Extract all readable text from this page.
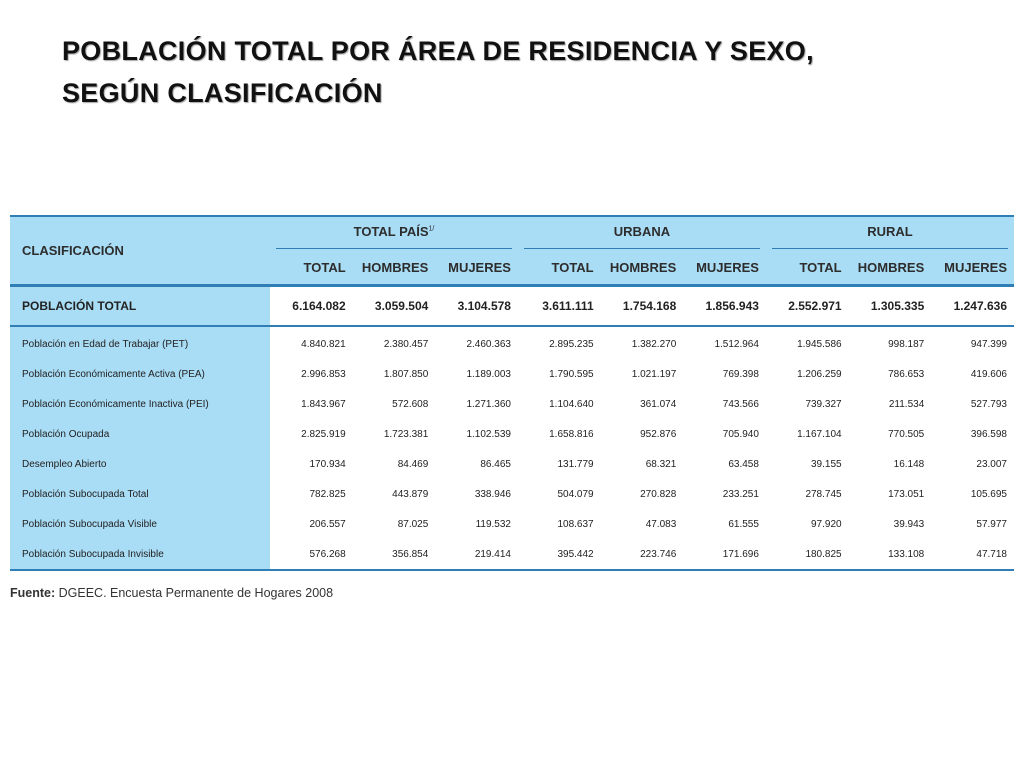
POBLACIÓN TOTAL POR ÁREA DE RESIDENCIA Y SEXO,
SEGÚN CLASIFICACIÓN
CLASIFICACIÓN	TOTAL $PAÍS^{1/}$			URBANA			RURAL		

	TOTAL	HOMBRES	MUJERES	TOTAL	HOMBRES	MUJERES	TOTAL	HOMBRES	MUJERES
POBLACIÓN TOTAL	6.164.082	3.059.504	3.104.578	3.611.111	1.754.168	1.856.943	2.552.971	1.305.335	1.247.636
Población en Edad de Trabajar (PET)	4.840.821	2.380.457	2.460.363	2.895.235	1.382.270	1.512.964	1.945.586	998.187	947.399
Población Económicamente Activa (PEA)	2.996.853	1.807.850	1.189.003	1.790.595	1.021.197	769.398	1.206.259	786.653	419.606
Población Económicamente Inactiva (PEI)	1.843.967	572.608	1.271.360	1.104.640	361.074	743.566	739.327	211.534	527.793
Población Ocupada	2.825.919	1.723.381	1.102.539	1.658.816	952.876	705.940	1.167.104	770.505	396.598
Desempleo Abierto	170.934	84.469	86.465	131.779	68.321	63.458	39.155	16.148	23.007
Población Subocupada Total	782.825	443.879	338.946	504.079	270.828	233.251	278.745	173.051	105.695
Población Subocupada Visible	206.557	87.025	119.532	108.637	47.083	61.555	97.920	39.943	57.977
Población Subocupada Invisible	576.268	356.854	219.414	395.442	223.746	171.696	180.825	133.108	47.718
Fuente: DGEEC. Encuesta Permanente de Hogares 2008
